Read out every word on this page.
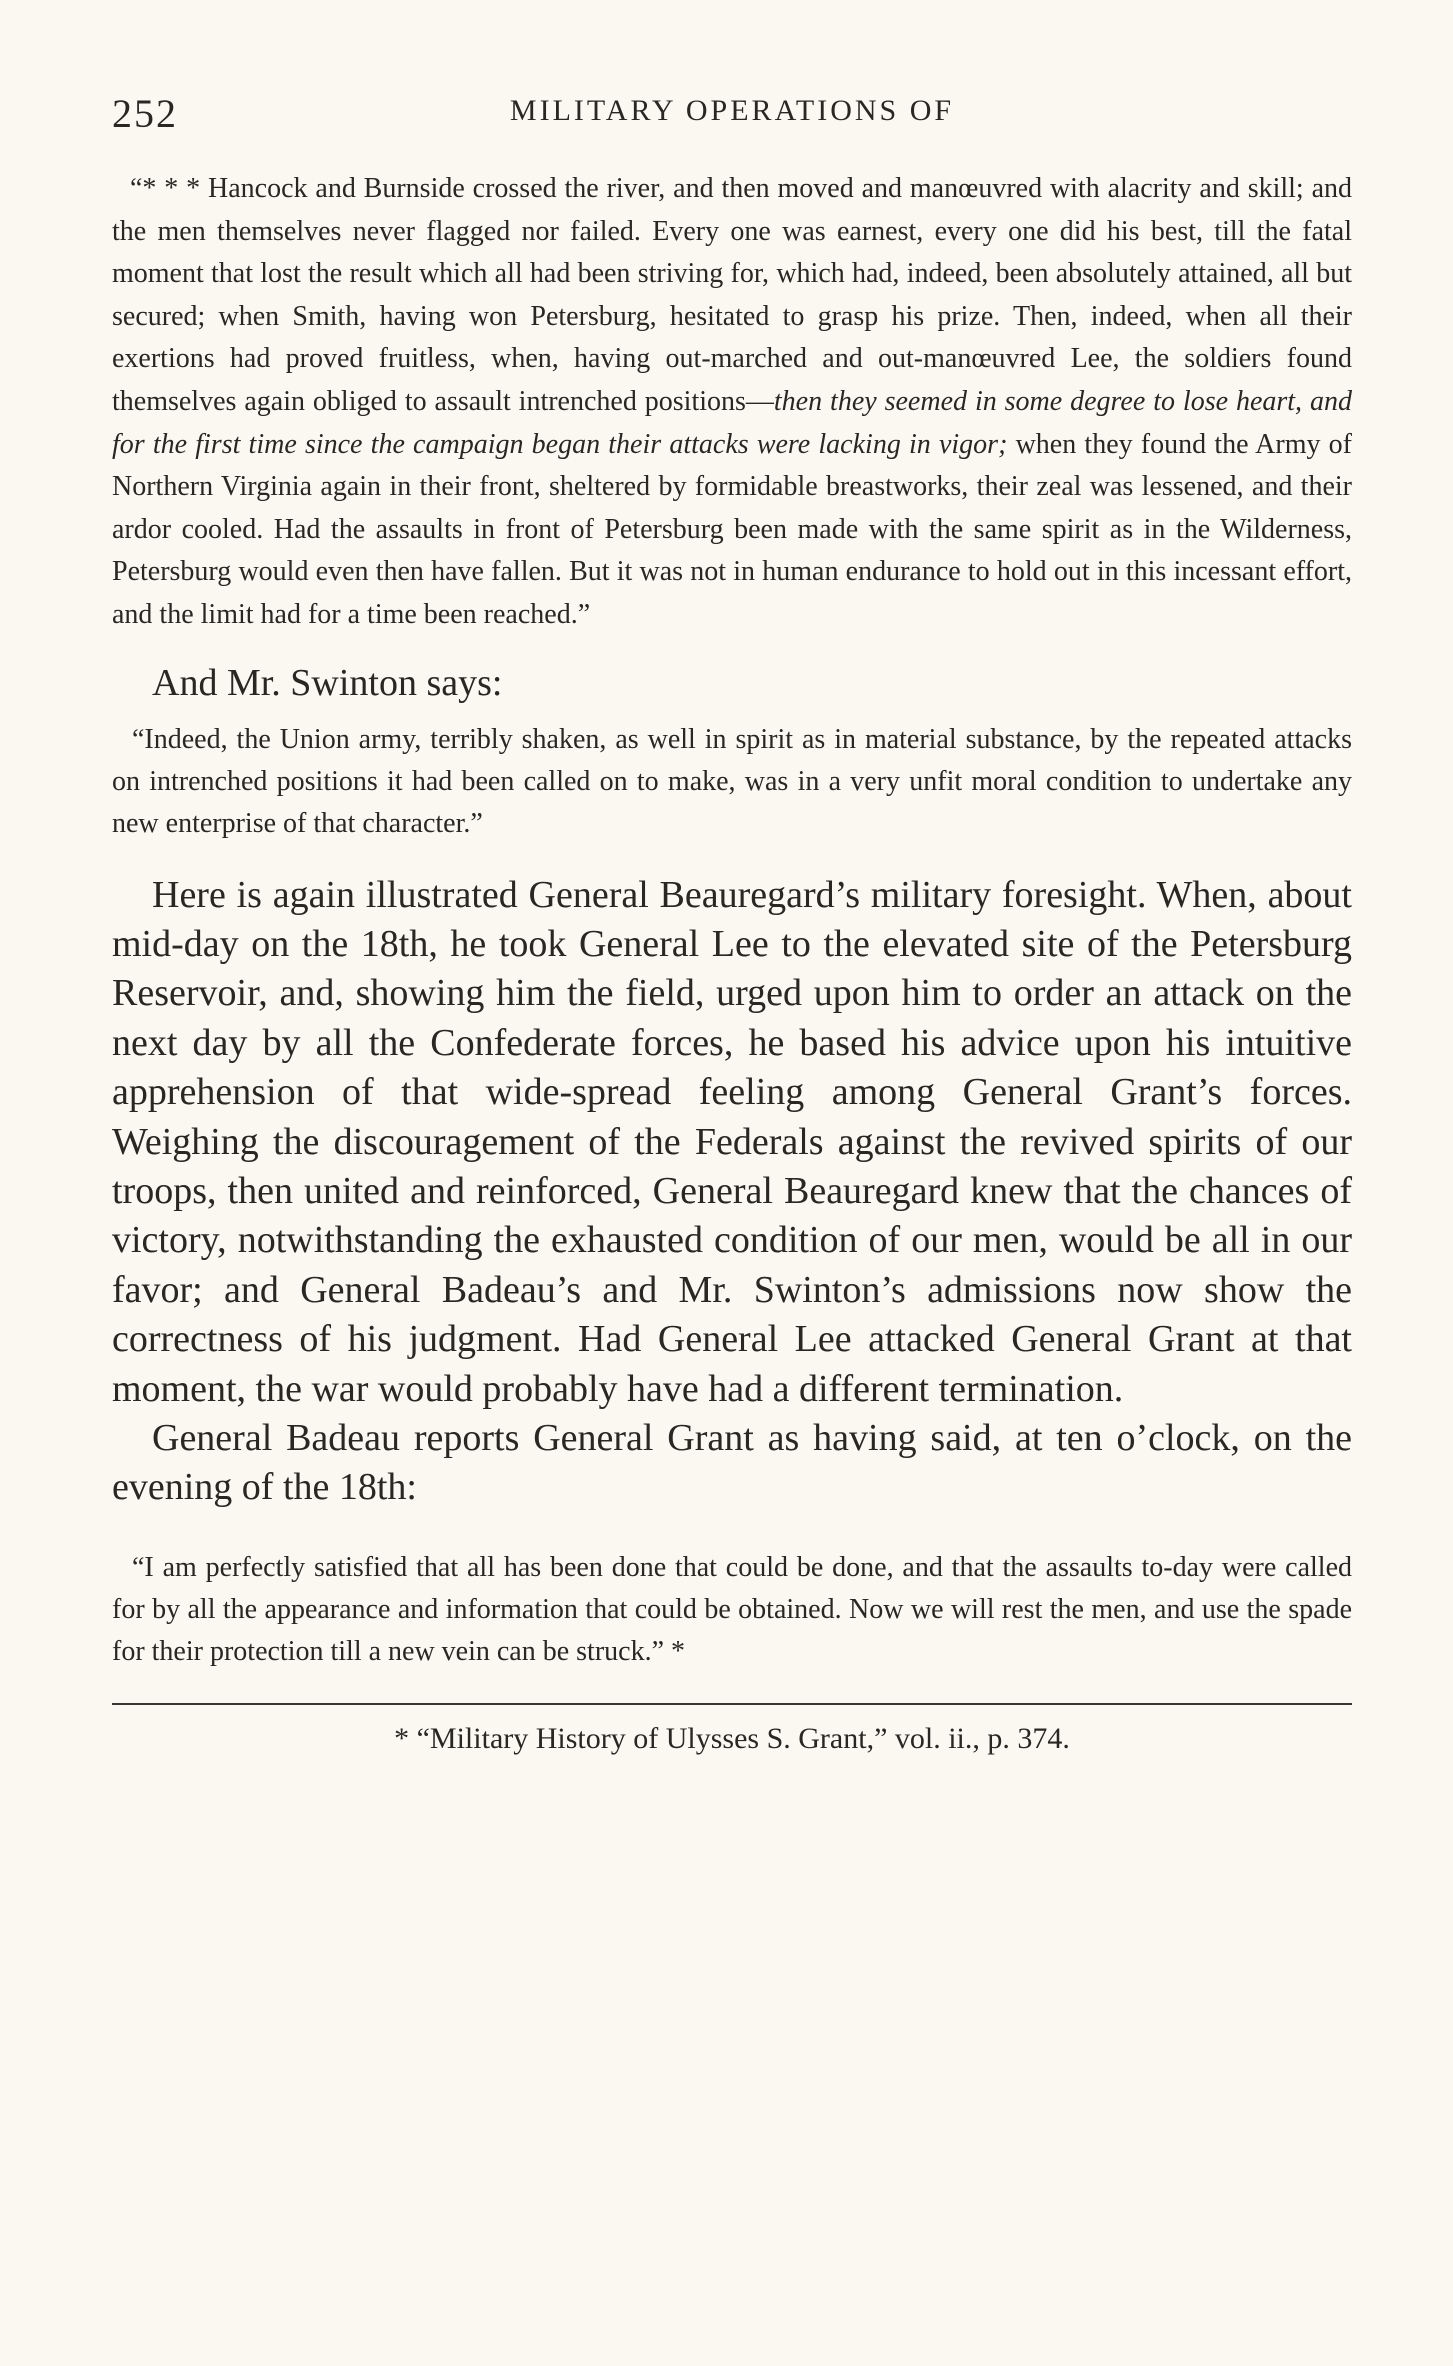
252	MILITARY OPERATIONS OF

“* * * Hancock and Burnside crossed the river, and then moved and manœuvred with alacrity and skill; and the men themselves never flagged nor failed. Every one was earnest, every one did his best, till the fatal moment that lost the result which all had been striving for, which had, indeed, been absolutely attained, all but secured; when Smith, having won Petersburg, hesitated to grasp his prize. Then, indeed, when all their exertions had proved fruitless, when, having out-marched and out-manœuvred Lee, the soldiers found themselves again obliged to assault intrenched positions—then they seemed in some degree to lose heart, and for the first time since the campaign began their attacks were lacking in vigor; when they found the Army of Northern Virginia again in their front, sheltered by formidable breastworks, their zeal was lessened, and their ardor cooled. Had the assaults in front of Petersburg been made with the same spirit as in the Wilderness, Petersburg would even then have fallen. But it was not in human endurance to hold out in this incessant effort, and the limit had for a time been reached.”

And Mr. Swinton says:

“Indeed, the Union army, terribly shaken, as well in spirit as in material substance, by the repeated attacks on intrenched positions it had been called on to make, was in a very unfit moral condition to undertake any new enterprise of that character.”

Here is again illustrated General Beauregard’s military foresight. When, about mid-day on the 18th, he took General Lee to the elevated site of the Petersburg Reservoir, and, showing him the field, urged upon him to order an attack on the next day by all the Confederate forces, he based his advice upon his intuitive apprehension of that wide-spread feeling among General Grant’s forces. Weighing the discouragement of the Federals against the revived spirits of our troops, then united and reinforced, General Beauregard knew that the chances of victory, notwithstanding the exhausted condition of our men, would be all in our favor; and General Badeau’s and Mr. Swinton’s admissions now show the correctness of his judgment. Had General Lee attacked General Grant at that moment, the war would probably have had a different termination.

General Badeau reports General Grant as having said, at ten o’clock, on the evening of the 18th:

“I am perfectly satisfied that all has been done that could be done, and that the assaults to-day were called for by all the appearance and information that could be obtained. Now we will rest the men, and use the spade for their protection till a new vein can be struck.” *

* “Military History of Ulysses S. Grant,” vol. ii., p. 374.
